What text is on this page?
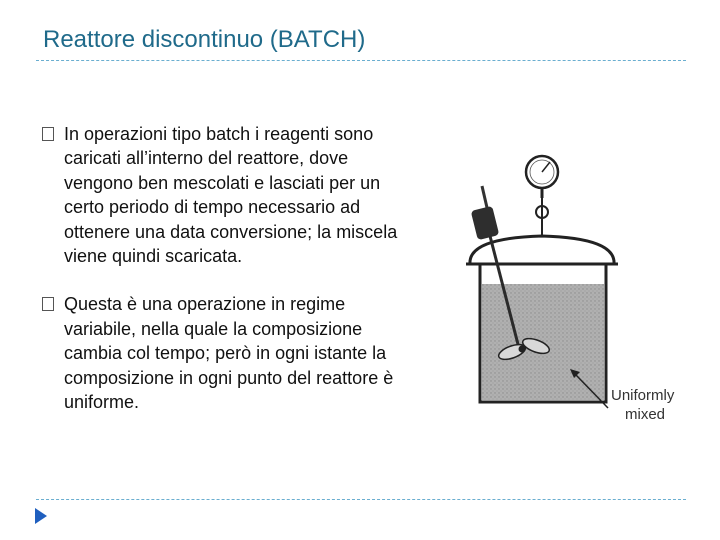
Reattore discontinuo (BATCH)
In operazioni tipo batch i reagenti sono caricati all’interno del reattore, dove vengono ben mescolati e lasciati per un certo periodo di tempo necessario ad ottenere una data conversione; la miscela viene quindi scaricata.
Questa è una operazione in regime variabile, nella quale la composizione cambia col tempo; però in ogni istante la composizione in ogni punto del reattore è uniforme.	Uniformly
mixed
